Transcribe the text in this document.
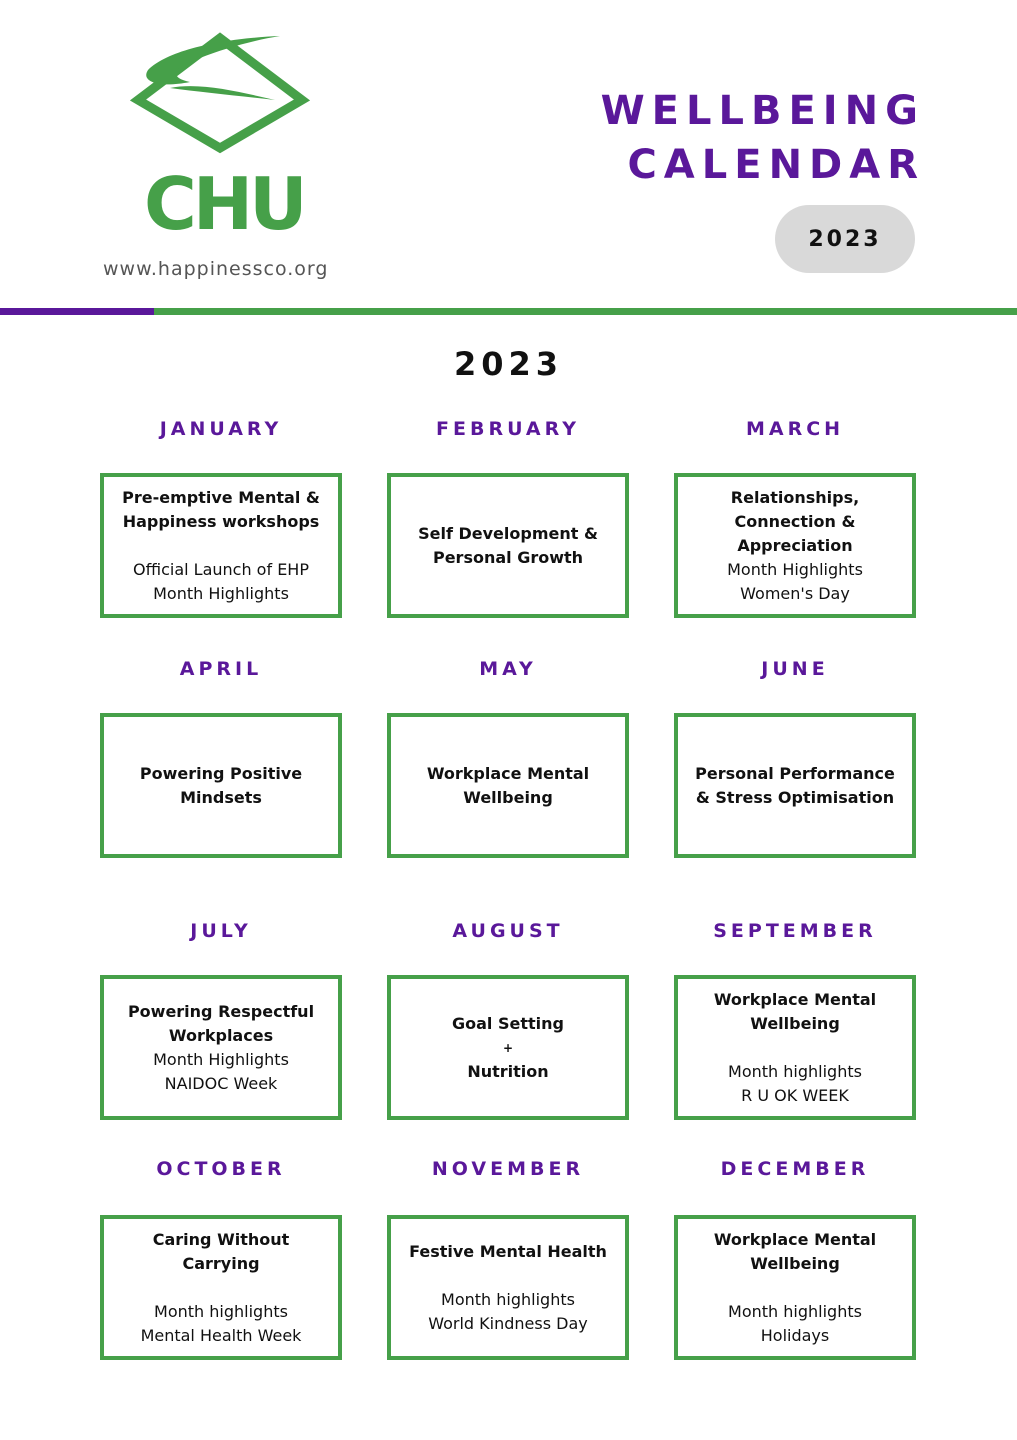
CHU
www.happinessco.org
WELLBEING
CALENDAR
2023
2023
JANUARY
Pre-emptive Mental &
Happiness workshops
Official Launch of EHP
Month Highlights
FEBRUARY
Self Development &
Personal Growth
MARCH
Relationships,
Connection &
Appreciation
Month Highlights
Women's Day
APRIL
Powering Positive
Mindsets
MAY
Workplace Mental
Wellbeing
JUNE
Personal Performance
& Stress Optimisation
JULY
Powering Respectful
Workplaces
Month Highlights
NAIDOC Week
AUGUST
Goal Setting
+
Nutrition
SEPTEMBER
Workplace Mental
Wellbeing
Month highlights
R U OK WEEK
OCTOBER
Caring Without
Carrying
Month highlights
Mental Health Week
NOVEMBER
Festive Mental Health
Month highlights
World Kindness Day
DECEMBER
Workplace Mental
Wellbeing
Month highlights
Holidays
